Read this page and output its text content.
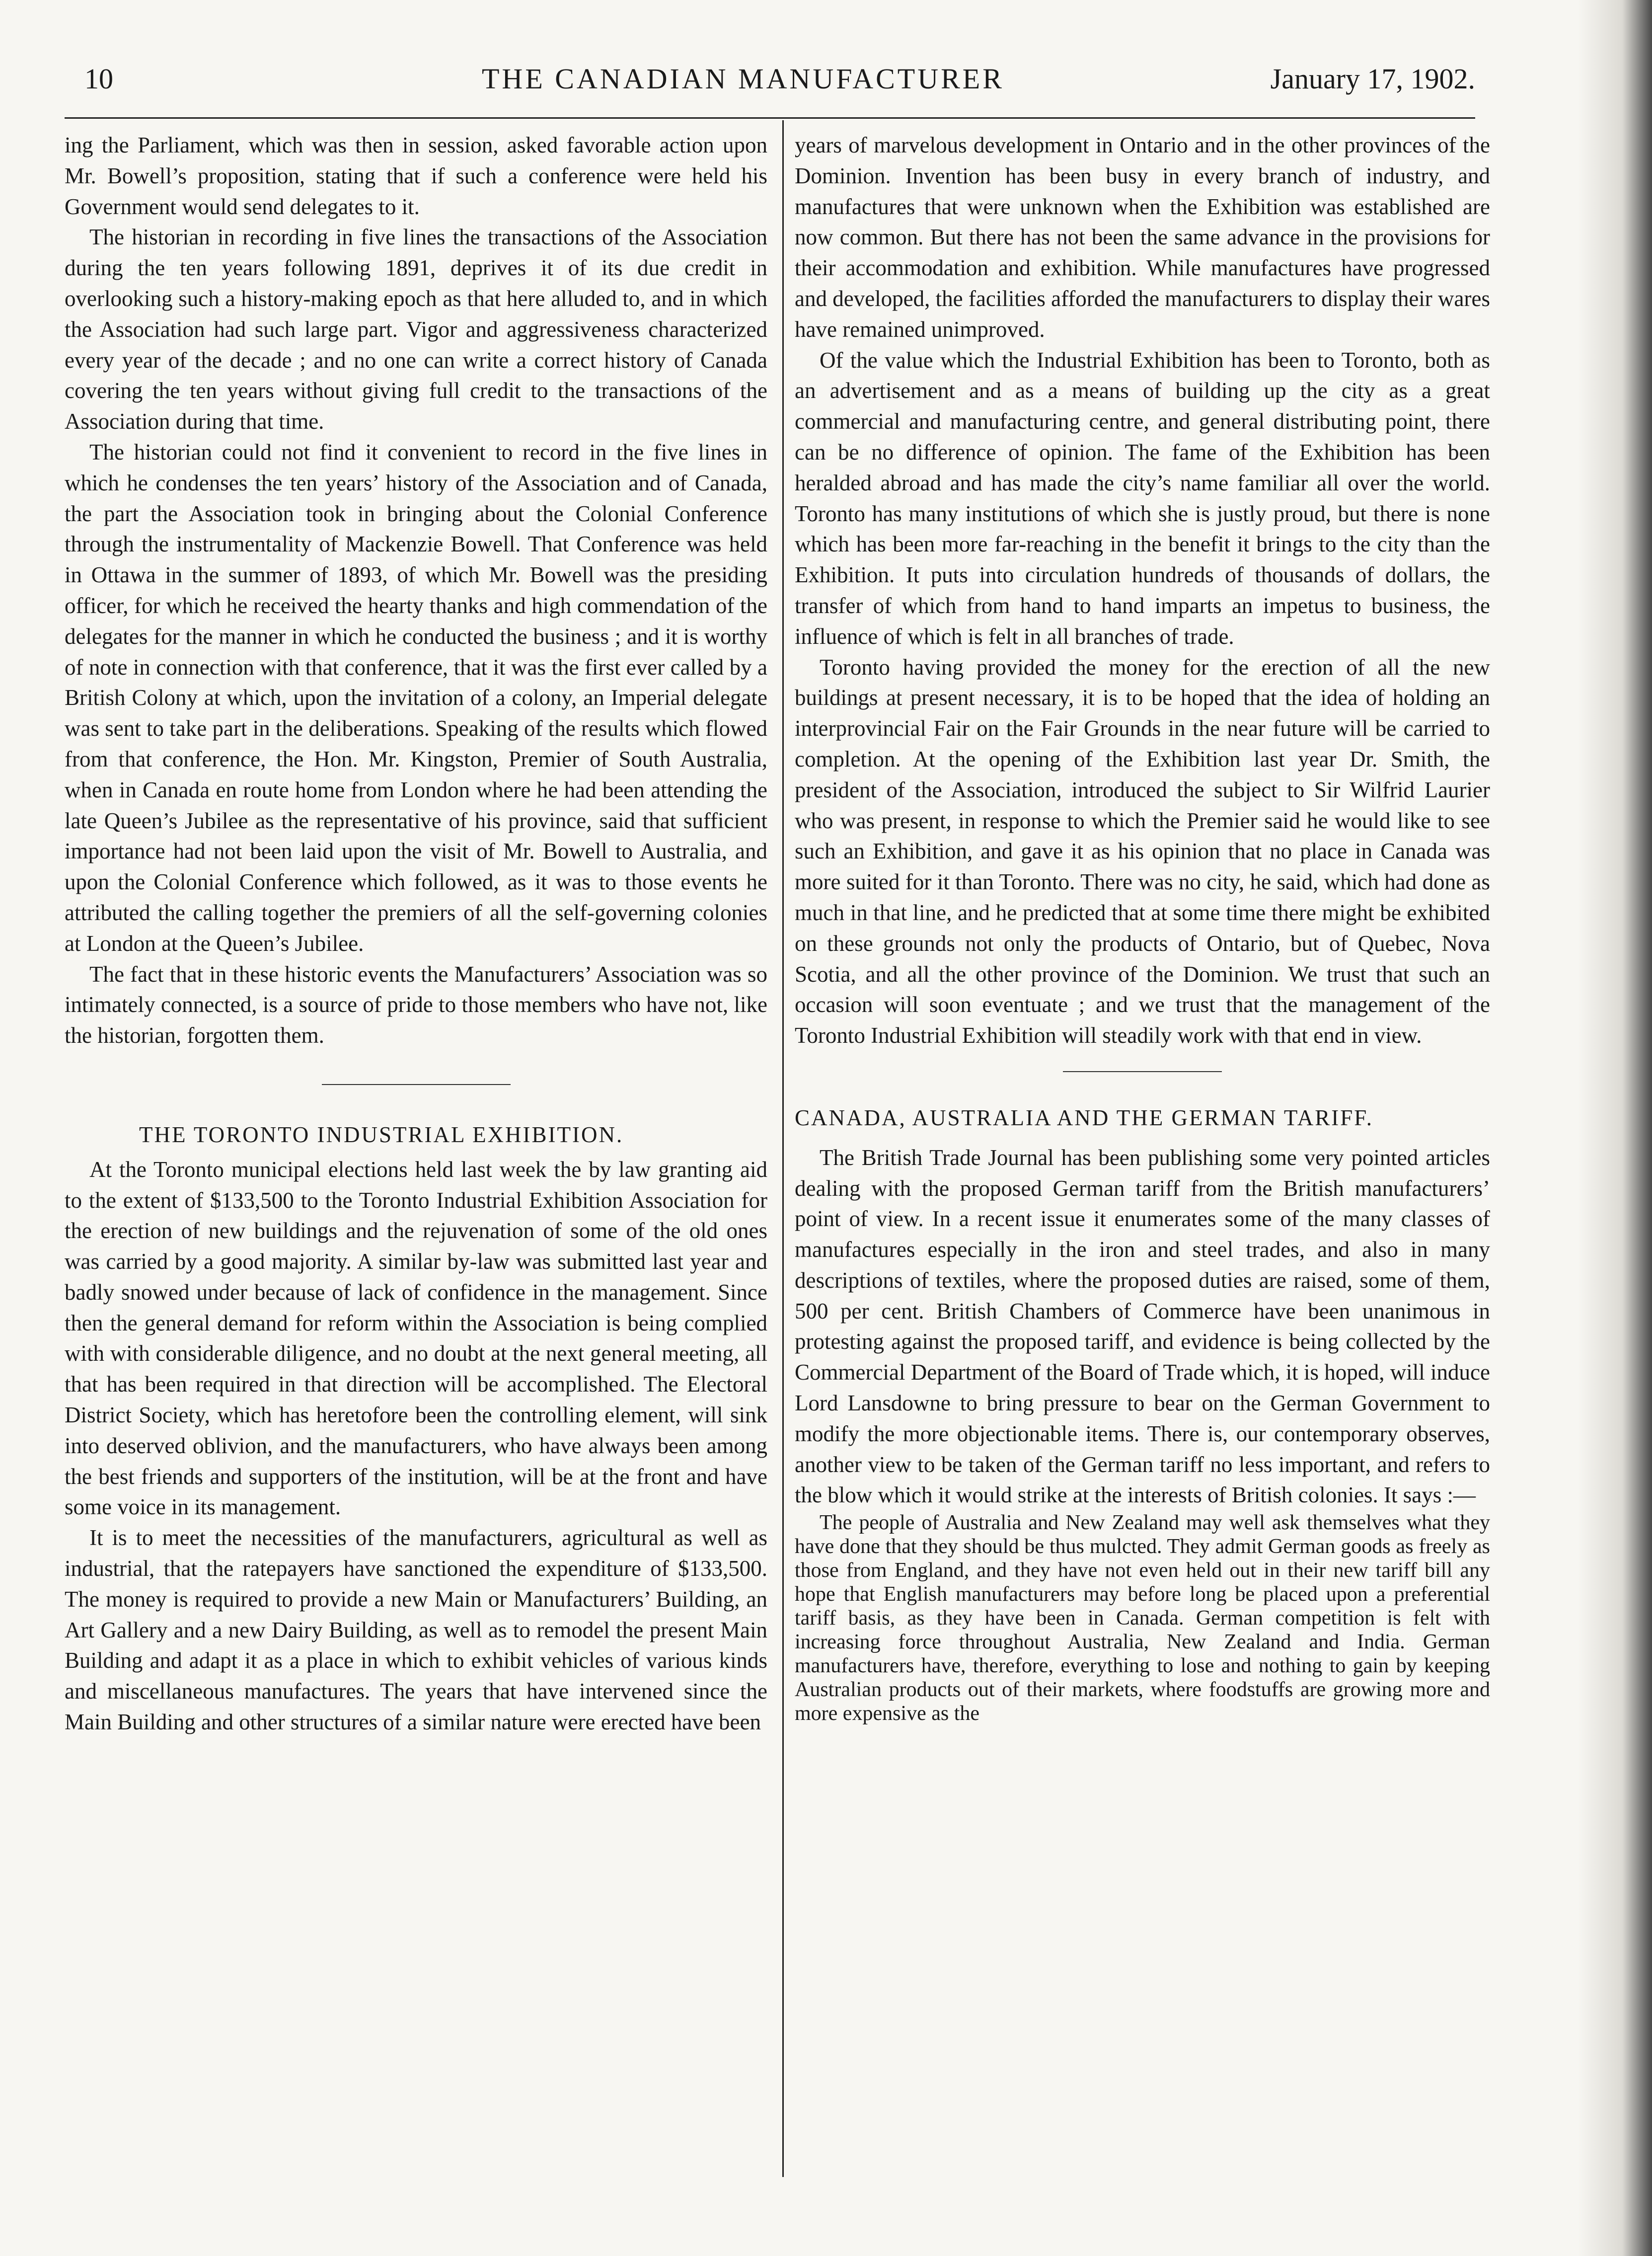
10	THE CANADIAN MANUFACTURER	January 17, 1902.

ing the Parliament, which was then in session, asked favorable action upon Mr. Bowell’s proposition, stating that if such a conference were held his Government would send delegates to it.

The historian in recording in five lines the transactions of the Association during the ten years following 1891, deprives it of its due credit in overlooking such a history-making epoch as that here alluded to, and in which the Association had such large part. Vigor and aggressiveness characterized every year of the decade ; and no one can write a correct history of Canada covering the ten years without giving full credit to the transactions of the Association during that time.

The historian could not find it convenient to record in the five lines in which he condenses the ten years’ history of the Association and of Canada, the part the Association took in bringing about the Colonial Conference through the instrumentality of Mackenzie Bowell. That Conference was held in Ottawa in the summer of 1893, of which Mr. Bowell was the presiding officer, for which he received the hearty thanks and high commendation of the delegates for the manner in which he conducted the business ; and it is worthy of note in connection with that conference, that it was the first ever called by a British Colony at which, upon the invitation of a colony, an Imperial delegate was sent to take part in the deliberations. Speaking of the results which flowed from that conference, the Hon. Mr. Kingston, Premier of South Australia, when in Canada en route home from London where he had been attending the late Queen’s Jubilee as the representative of his province, said that sufficient importance had not been laid upon the visit of Mr. Bowell to Australia, and upon the Colonial Conference which followed, as it was to those events he attributed the calling together the premiers of all the self-governing colonies at London at the Queen’s Jubilee.

The fact that in these historic events the Manufacturers’ Association was so intimately connected, is a source of pride to those members who have not, like the historian, forgotten them.

THE TORONTO INDUSTRIAL EXHIBITION.

At the Toronto municipal elections held last week the by law granting aid to the extent of $133,500 to the Toronto Industrial Exhibition Association for the erection of new buildings and the rejuvenation of some of the old ones was carried by a good majority. A similar by-law was submitted last year and badly snowed under because of lack of confidence in the management. Since then the general demand for reform within the Association is being complied with with considerable diligence, and no doubt at the next general meeting, all that has been required in that direction will be accomplished. The Electoral District Society, which has heretofore been the controlling element, will sink into deserved oblivion, and the manufacturers, who have always been among the best friends and supporters of the institution, will be at the front and have some voice in its management.

It is to meet the necessities of the manufacturers, agricultural as well as industrial, that the ratepayers have sanctioned the expenditure of $133,500. The money is required to provide a new Main or Manufacturers’ Building, an Art Gallery and a new Dairy Building, as well as to remodel the present Main Building and adapt it as a place in which to exhibit vehicles of various kinds and miscellaneous manufactures. The years that have intervened since the Main Building and other structures of a similar nature were erected have been

years of marvelous development in Ontario and in the other provinces of the Dominion. Invention has been busy in every branch of industry, and manufactures that were unknown when the Exhibition was established are now common. But there has not been the same advance in the provisions for their accommodation and exhibition. While manufactures have progressed and developed, the facilities afforded the manufacturers to display their wares have remained unimproved.

Of the value which the Industrial Exhibition has been to Toronto, both as an advertisement and as a means of building up the city as a great commercial and manufacturing centre, and general distributing point, there can be no difference of opinion. The fame of the Exhibition has been heralded abroad and has made the city’s name familiar all over the world. Toronto has many institutions of which she is justly proud, but there is none which has been more far-reaching in the benefit it brings to the city than the Exhibition. It puts into circulation hundreds of thousands of dollars, the transfer of which from hand to hand imparts an impetus to business, the influence of which is felt in all branches of trade.

Toronto having provided the money for the erection of all the new buildings at present necessary, it is to be hoped that the idea of holding an interprovincial Fair on the Fair Grounds in the near future will be carried to completion. At the opening of the Exhibition last year Dr. Smith, the president of the Association, introduced the subject to Sir Wilfrid Laurier who was present, in response to which the Premier said he would like to see such an Exhibition, and gave it as his opinion that no place in Canada was more suited for it than Toronto. There was no city, he said, which had done as much in that line, and he predicted that at some time there might be exhibited on these grounds not only the products of Ontario, but of Quebec, Nova Scotia, and all the other province of the Dominion. We trust that such an occasion will soon eventuate ; and we trust that the management of the Toronto Industrial Exhibition will steadily work with that end in view.

CANADA, AUSTRALIA AND THE GERMAN TARIFF.

The British Trade Journal has been publishing some very pointed articles dealing with the proposed German tariff from the British manufacturers’ point of view. In a recent issue it enumerates some of the many classes of manufactures especially in the iron and steel trades, and also in many descriptions of textiles, where the proposed duties are raised, some of them, 500 per cent. British Chambers of Commerce have been unanimous in protesting against the proposed tariff, and evidence is being collected by the Commercial Department of the Board of Trade which, it is hoped, will induce Lord Lansdowne to bring pressure to bear on the German Government to modify the more objectionable items. There is, our contemporary observes, another view to be taken of the German tariff no less important, and refers to the blow which it would strike at the interests of British colonies. It says :—

The people of Australia and New Zealand may well ask themselves what they have done that they should be thus mulcted. They admit German goods as freely as those from England, and they have not even held out in their new tariff bill any hope that English manufacturers may before long be placed upon a preferential tariff basis, as they have been in Canada. German competition is felt with increasing force throughout Australia, New Zealand and India. German manufacturers have, therefore, everything to lose and nothing to gain by keeping Australian products out of their markets, where foodstuffs are growing more and more expensive as the
